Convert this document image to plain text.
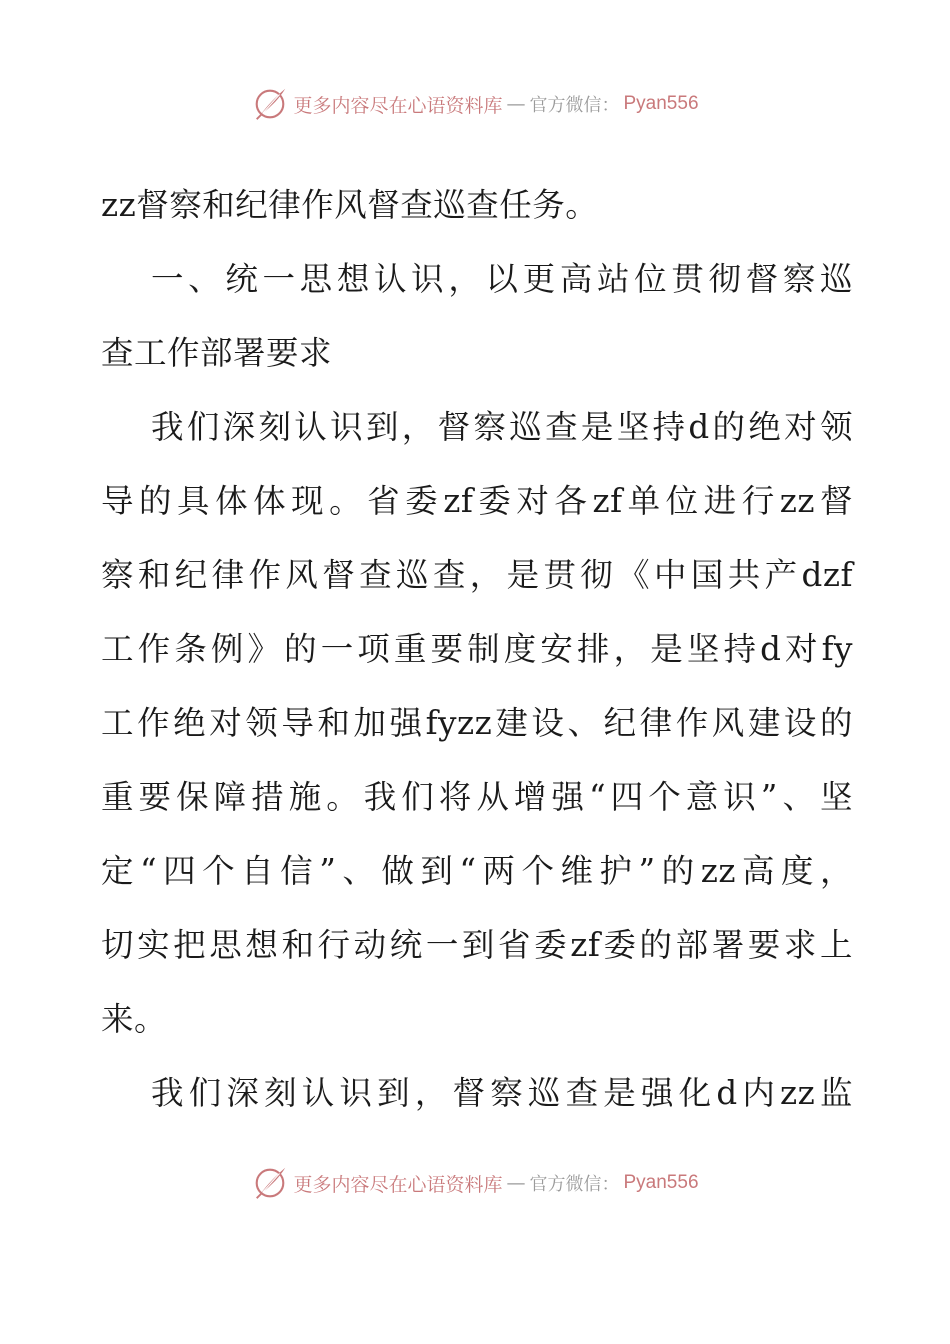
更多内容尽在心语资料库 — 官方微信： Pyan556
zz督察和纪律作风督查巡查任务。
一、统一思想认识，以更高站位贯彻督察巡
查工作部署要求
我们深刻认识到，督察巡查是坚持d的绝对领
导的具体体现。省委zf委对各zf单位进行zz督
察和纪律作风督查巡查，是贯彻《中国共产dzf
工作条例》的一项重要制度安排，是坚持d对fy
工作绝对领导和加强fyzz建设、纪律作风建设的
重要保障措施。我们将从增强“四个意识”、坚
定“四个自信”、做到“两个维护”的zz高度，
切实把思想和行动统一到省委zf委的部署要求上
来。
我们深刻认识到，督察巡查是强化d内zz监
更多内容尽在心语资料库 — 官方微信： Pyan556
